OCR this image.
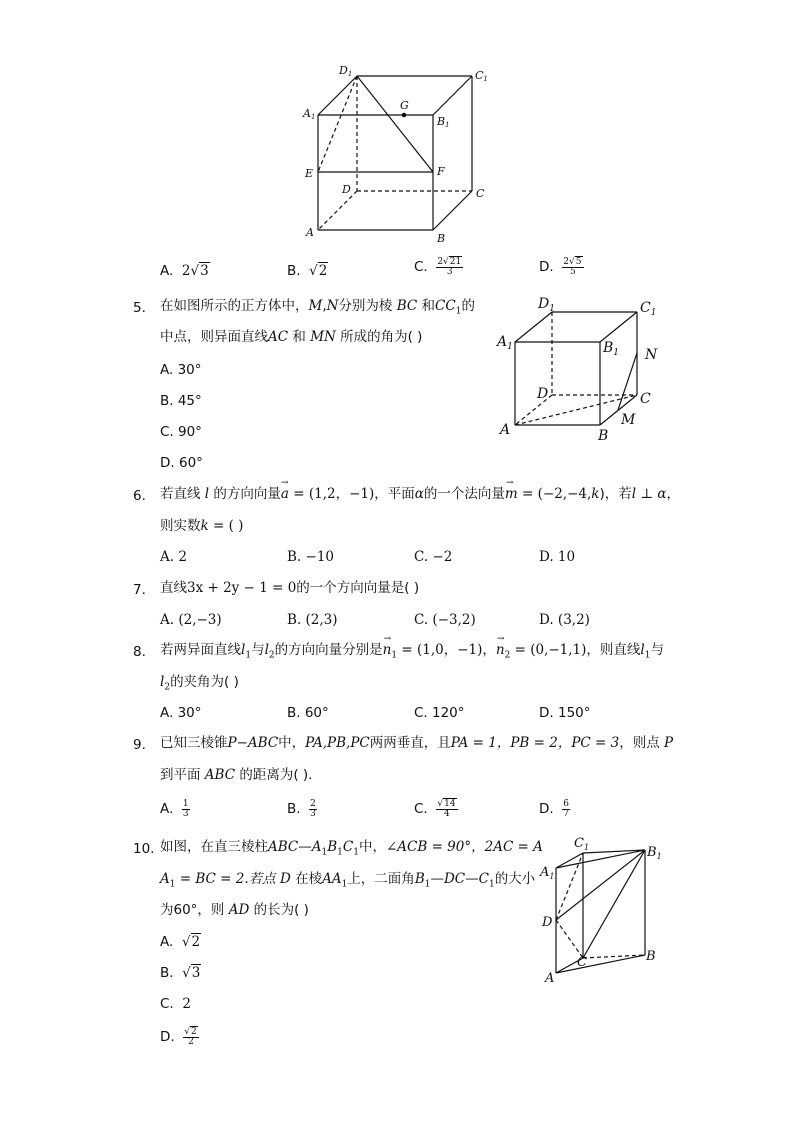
D1	C1
A1	B1
G
E	F
D	C
A	B
A. 2√3	B. √2	C. $\frac{2√21}{3}$	D. $\frac{2√5}{5}$
5. 在如图所示的正方体中，M,N分别为棱 BC 和$CC_1$的
中点，则异面直线AC 和 MN 所成的角为( )
A. 30°
B. 45°
C. 90°
D. 60°
$D_1$	$C_1$
$A_1$	$B_1$ N
D	C
A
M
B
6. 若直线 l 的方向向量
→
a = (1,2，−1)，平面α的一个法向量
→
m = (−2,−4,k)，若l ⊥ α，
则实数k = ( )
A. 2	B. −10	C. −2	D. 10
7. 直线3x + 2y − 1 = 0的一个方向向量是( )
A. (2,−3)	B. (2,3)	C. (−3,2)	D. (3,2)
8. 若两异面直线$l_1$与$l_2$的方向向量分别是
→
$n_1 = (1,0$，−1)，
→
$n_2 = (0,-1,1)$，则直线$l_1$与
$l_2$的夹角为( )
A. 30°	B. 60°	C. 120°	D. 150°
9. 已知三棱锥P−ABC中，PA,PB,PC两两垂直，且PA = 1，PB = 2，PC = 3，则点 P
到平面 ABC 的距离为( ).
A. $\frac{1}{3}$	B. $\frac{2}{3}$	C. $\frac{√14}{4}$	D. $\frac{6}{7}$
10. 如图，在直三棱柱$ABC—A_1B_1C_1$中，∠ACB = 90°，2AC = A
$A_1$ = BC = 2.若点 D 在棱$AA_1$上，二面角$B_1—DC—C_1$的大小
为60°，则 AD 的长为( )
A. √2
B. √3
C. 2
D. $\frac{√2}{2}$
$C_1$	$B_1$
$A_1$
D
C	B
A
